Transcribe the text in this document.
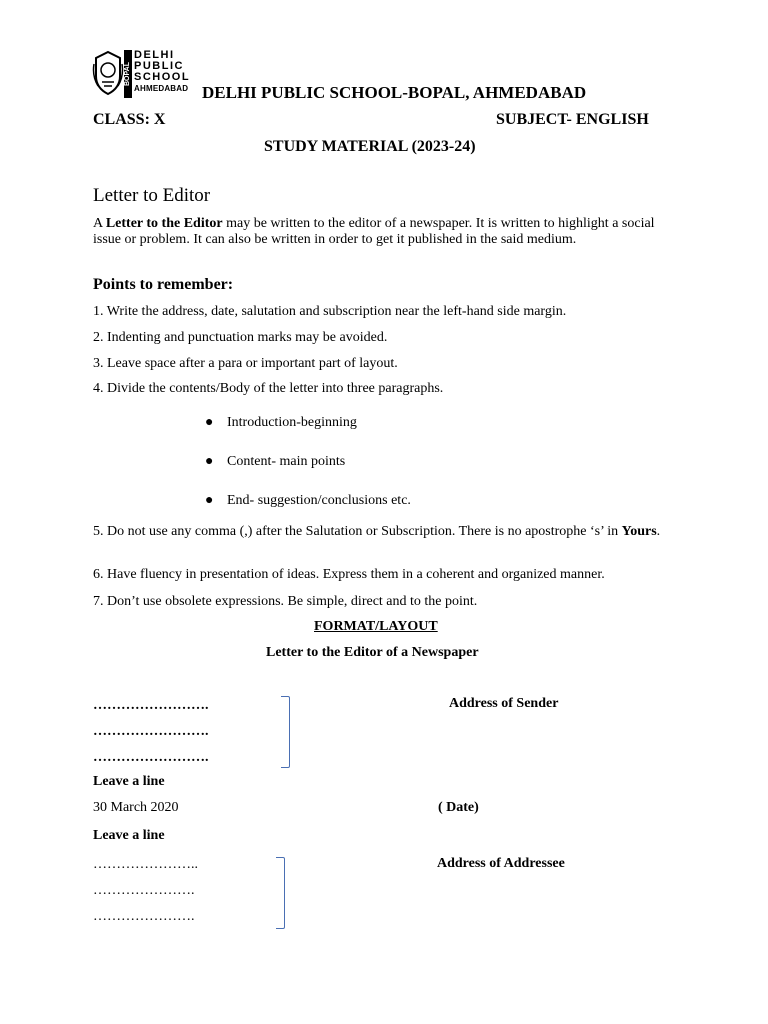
BOPAL
DELHI
PUBLIC
SCHOOL
AHMEDABAD DELHI PUBLIC SCHOOL-BOPAL, AHMEDABAD
CLASS: X	SUBJECT- ENGLISH
STUDY MATERIAL (2023-24)
Letter to Editor
A Letter to the Editor may be written to the editor of a newspaper. It is written to highlight a social issue or problem. It can also be written in order to get it published in the said medium.
Points to remember:
1. Write the address, date, salutation and subscription near the left-hand side margin.
2. Indenting and punctuation marks may be avoided.
3. Leave space after a para or important part of layout.
4. Divide the contents/Body of the letter into three paragraphs.
● Introduction-beginning
● Content- main points
● End- suggestion/conclusions etc.
5. Do not use any comma (,) after the Salutation or Subscription. There is no apostrophe ‘s’ in Yours.
6. Have fluency in presentation of ideas. Express them in a coherent and organized manner.
7. Don’t use obsolete expressions. Be simple, direct and to the point.
FORMAT/LAYOUT
Letter to the Editor of a Newspaper
…………………….
…………………….
…………………….
Address of Sender
Leave a line
30 March 2020	( Date)
Leave a line
…………………..
………………….
………………….
Address of Addressee
